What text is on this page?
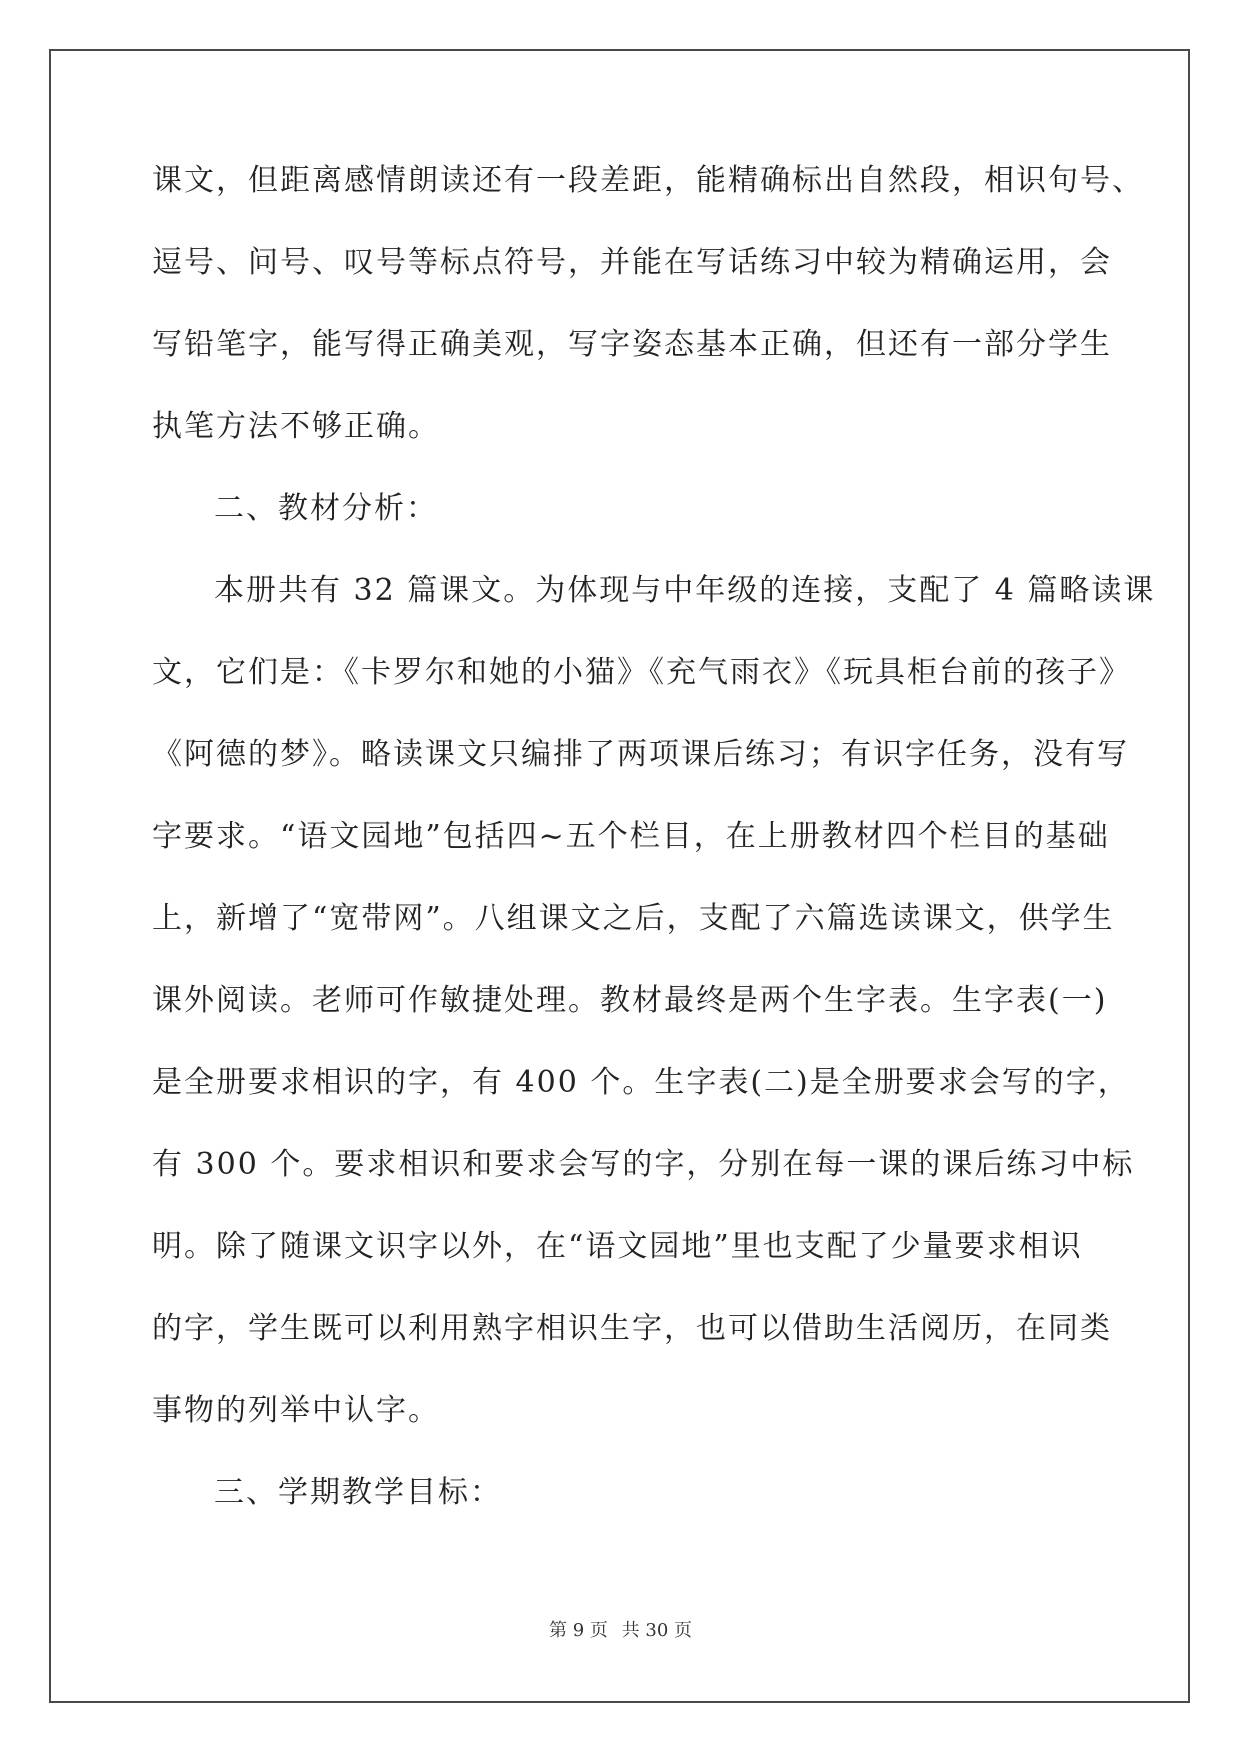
课文，但距离感情朗读还有一段差距，能精确标出自然段，相识句号、
逗号、问号、叹号等标点符号，并能在写话练习中较为精确运用，会
写铅笔字，能写得正确美观，写字姿态基本正确，但还有一部分学生
执笔方法不够正确。
二、教材分析：
本册共有 32 篇课文。为体现与中年级的连接，支配了 4 篇略读课
文，它们是：《卡罗尔和她的小猫》《充气雨衣》《玩具柜台前的孩子》
《阿德的梦》。略读课文只编排了两项课后练习；有识字任务，没有写
字要求。“语文园地”包括四~五个栏目，在上册教材四个栏目的基础
上，新增了“宽带网”。八组课文之后，支配了六篇选读课文，供学生
课外阅读。老师可作敏捷处理。教材最终是两个生字表。生字表(一)
是全册要求相识的字，有 400 个。生字表(二)是全册要求会写的字，
有 300 个。要求相识和要求会写的字，分别在每一课的课后练习中标
明。除了随课文识字以外，在“语文园地”里也支配了少量要求相识
的字，学生既可以利用熟字相识生字，也可以借助生活阅历，在同类
事物的列举中认字。
三、学期教学目标：
第 9 页 共 30 页
